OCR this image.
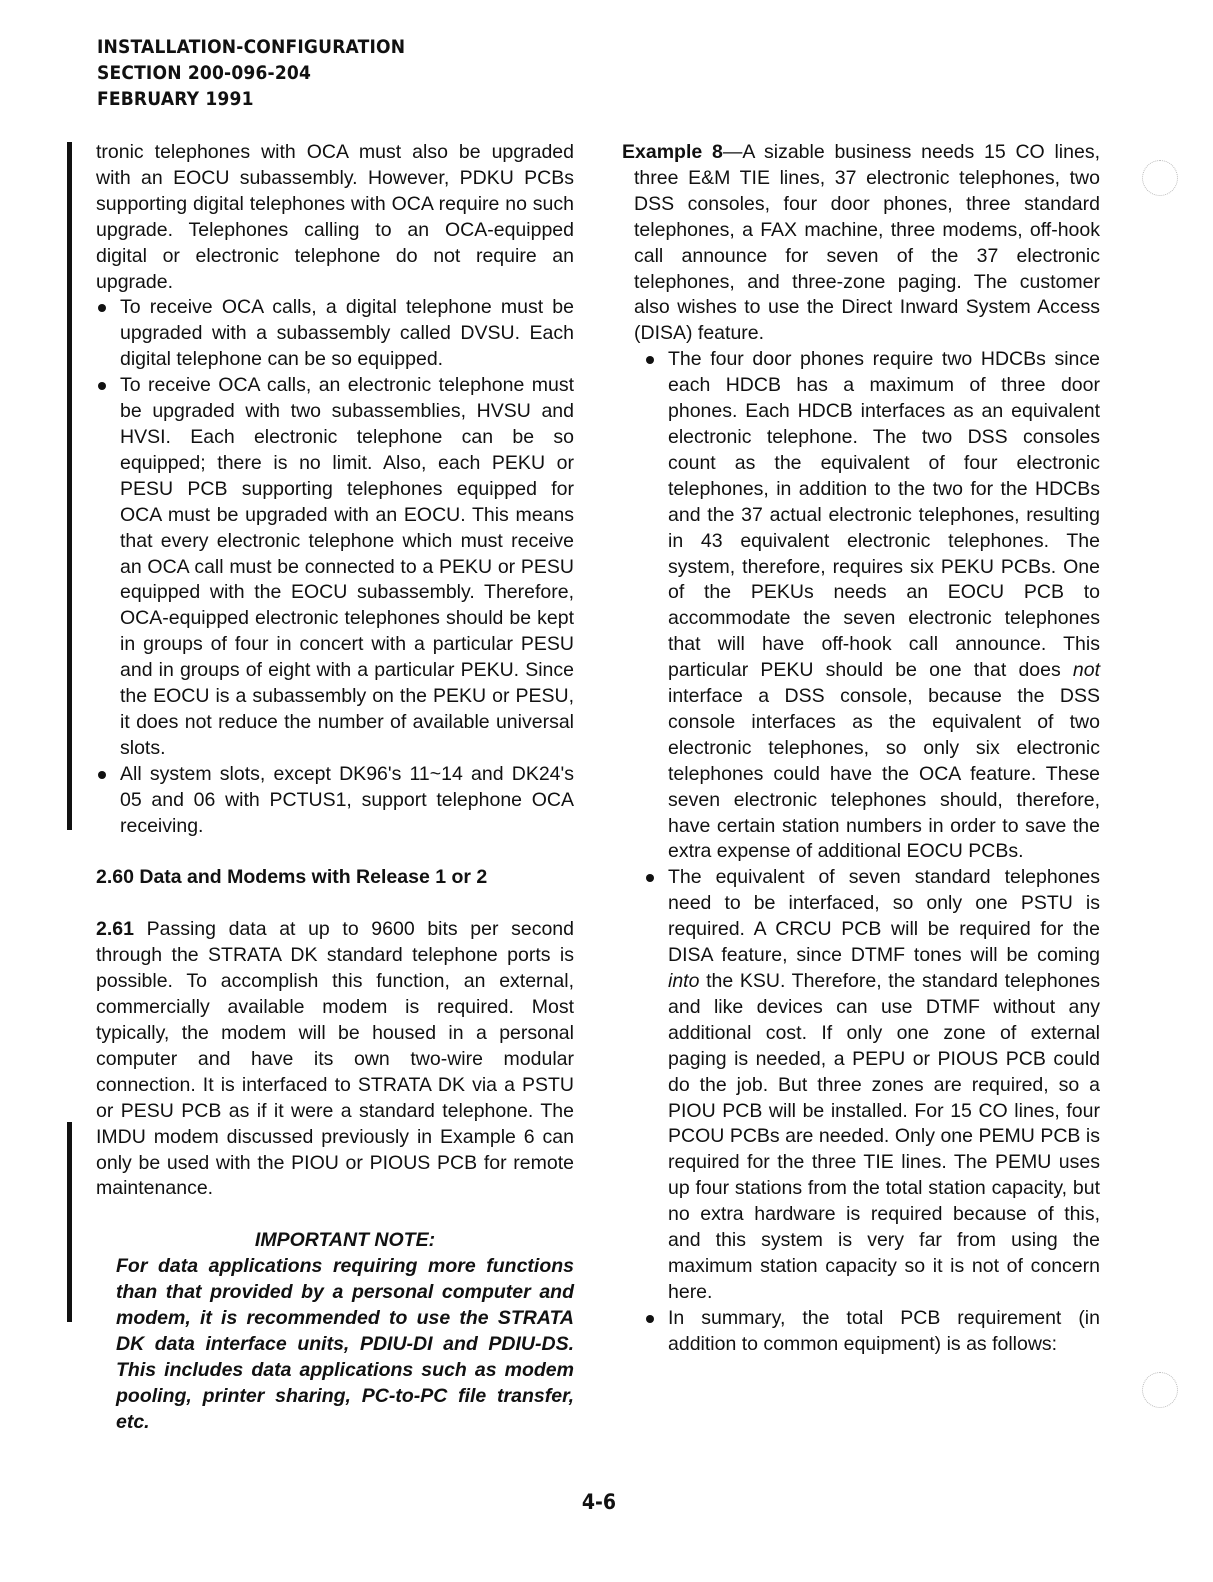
INSTALLATION-CONFIGURATION
SECTION 200-096-204
FEBRUARY 1991

tronic telephones with OCA must also be upgraded with an EOCU subassembly. However, PDKU PCBs supporting digital telephones with OCA require no such upgrade. Telephones calling to an OCA-equipped digital or electronic telephone do not require an upgrade.

To receive OCA calls, a digital telephone must be upgraded with a subassembly called DVSU. Each digital telephone can be so equipped.
To receive OCA calls, an electronic telephone must be upgraded with two subassemblies, HVSU and HVSI. Each electronic telephone can be so equipped; there is no limit. Also, each PEKU or PESU PCB supporting telephones equipped for OCA must be upgraded with an EOCU. This means that every electronic telephone which must receive an OCA call must be connected to a PEKU or PESU equipped with the EOCU subassembly. Therefore, OCA-equipped electronic telephones should be kept in groups of four in concert with a particular PESU and in groups of eight with a particular PEKU. Since the EOCU is a subassembly on the PEKU or PESU, it does not reduce the number of available universal slots.
All system slots, except DK96's 11~14 and DK24's 05 and 06 with PCTUS1, support telephone OCA receiving.
2.60 Data and Modems with Release 1 or 2

2.61 Passing data at up to 9600 bits per second through the STRATA DK standard telephone ports is possible. To accomplish this function, an external, commercially available modem is required. Most typically, the modem will be housed in a personal computer and have its own two-wire modular connection. It is interfaced to STRATA DK via a PSTU or PESU PCB as if it were a standard telephone. The IMDU modem discussed previously in Example 6 can only be used with the PIOU or PIOUS PCB for remote maintenance.

IMPORTANT NOTE:
For data applications requiring more functions than that provided by a personal computer and modem, it is recommended to use the STRATA DK data interface units, PDIU-DI and PDIU-DS. This includes data applications such as modem pooling, printer sharing, PC-to-PC file transfer, etc.

Example 8—A sizable business needs 15 CO lines, three E&M TIE lines, 37 electronic telephones, two DSS consoles, four door phones, three standard telephones, a FAX machine, three modems, off-hook call announce for seven of the 37 electronic telephones, and three-zone paging. The customer also wishes to use the Direct Inward System Access (DISA) feature.

The four door phones require two HDCBs since each HDCB has a maximum of three door phones. Each HDCB interfaces as an equivalent electronic telephone. The two DSS consoles count as the equivalent of four electronic telephones, in addition to the two for the HDCBs and the 37 actual electronic telephones, resulting in 43 equivalent electronic telephones. The system, therefore, requires six PEKU PCBs. One of the PEKUs needs an EOCU PCB to accommodate the seven electronic telephones that will have off-hook call announce. This particular PEKU should be one that does not interface a DSS console, because the DSS console interfaces as the equivalent of two electronic telephones, so only six electronic telephones could have the OCA feature. These seven electronic telephones should, therefore, have certain station numbers in order to save the extra expense of additional EOCU PCBs.
The equivalent of seven standard telephones need to be interfaced, so only one PSTU is required. A CRCU PCB will be required for the DISA feature, since DTMF tones will be coming into the KSU. Therefore, the standard telephones and like devices can use DTMF without any additional cost. If only one zone of external paging is needed, a PEPU or PIOUS PCB could do the job. But three zones are required, so a PIOU PCB will be installed. For 15 CO lines, four PCOU PCBs are needed. Only one PEMU PCB is required for the three TIE lines. The PEMU uses up four stations from the total station capacity, but no extra hardware is required because of this, and this system is very far from using the maximum station capacity so it is not of concern here.
In summary, the total PCB requirement (in addition to common equipment) is as follows:
4-6
